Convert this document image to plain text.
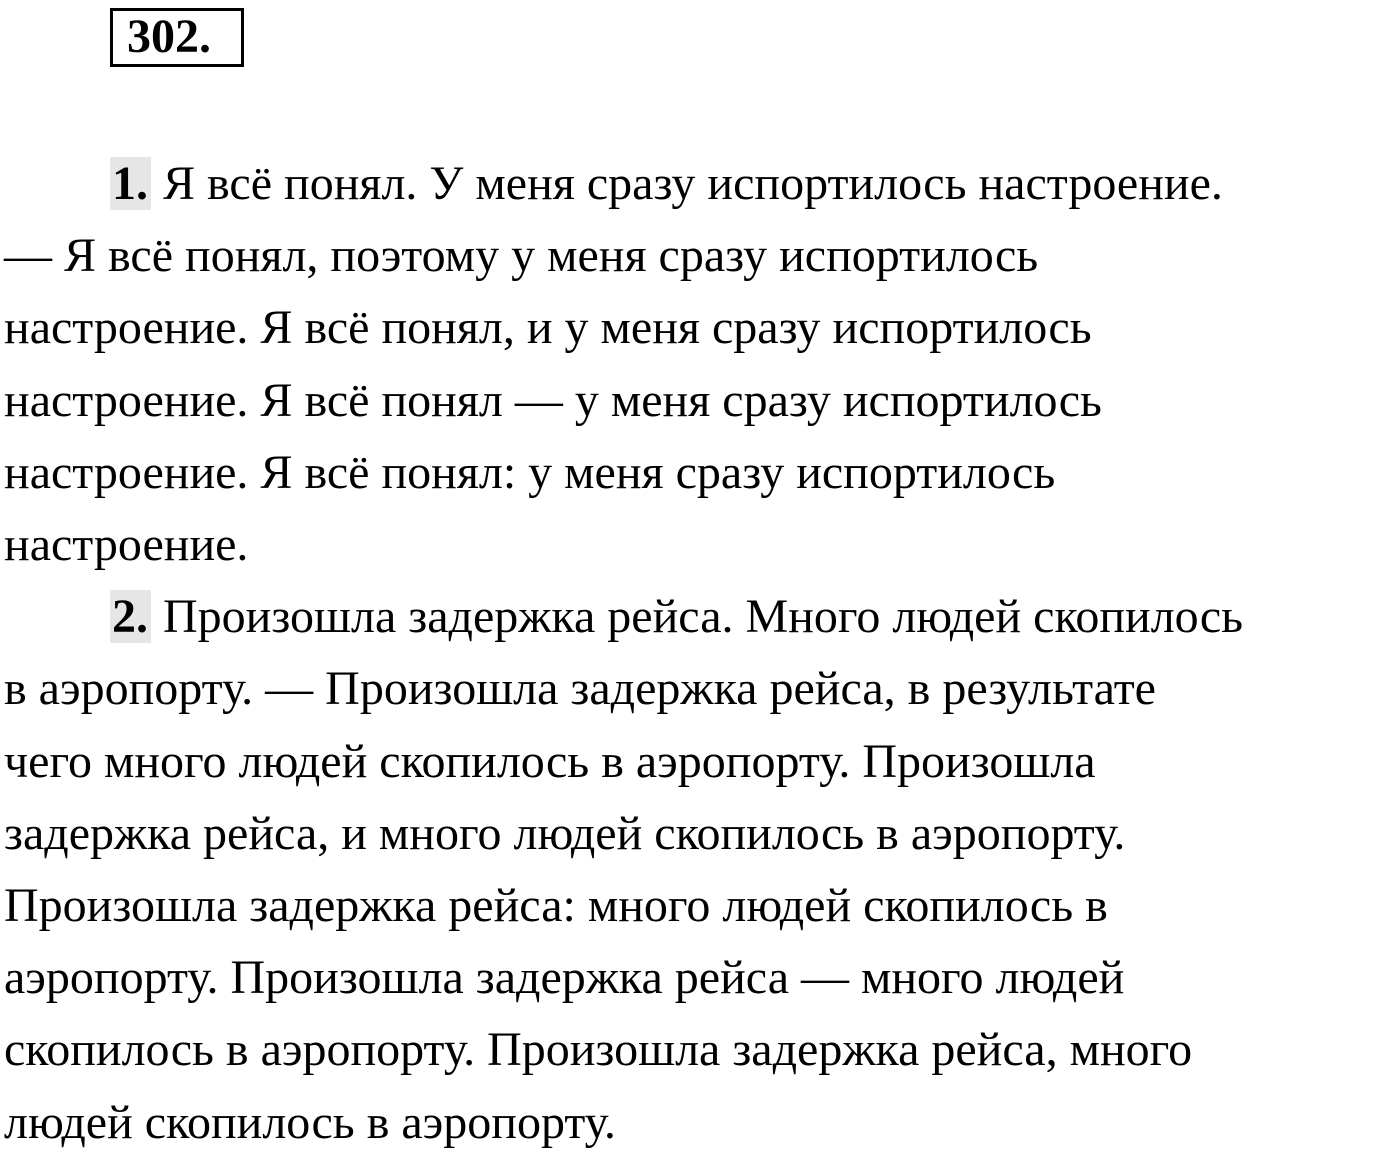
302.

1. Я всё понял. У меня сразу испортилось настроение.
— Я всё понял, поэтому у меня сразу испортилось
настроение. Я всё понял, и у меня сразу испортилось
настроение. Я всё понял — у меня сразу испортилось
настроение. Я всё понял: у меня сразу испортилось
настроение.

2. Произошла задержка рейса. Много людей скопилось
в аэропорту. — Произошла задержка рейса, в результате
чего много людей скопилось в аэропорту. Произошла
задержка рейса, и много людей скопилось в аэропорту.
Произошла задержка рейса: много людей скопилось в
аэропорту. Произошла задержка рейса — много людей
скопилось в аэропорту. Произошла задержка рейса, много
людей скопилось в аэропорту.
